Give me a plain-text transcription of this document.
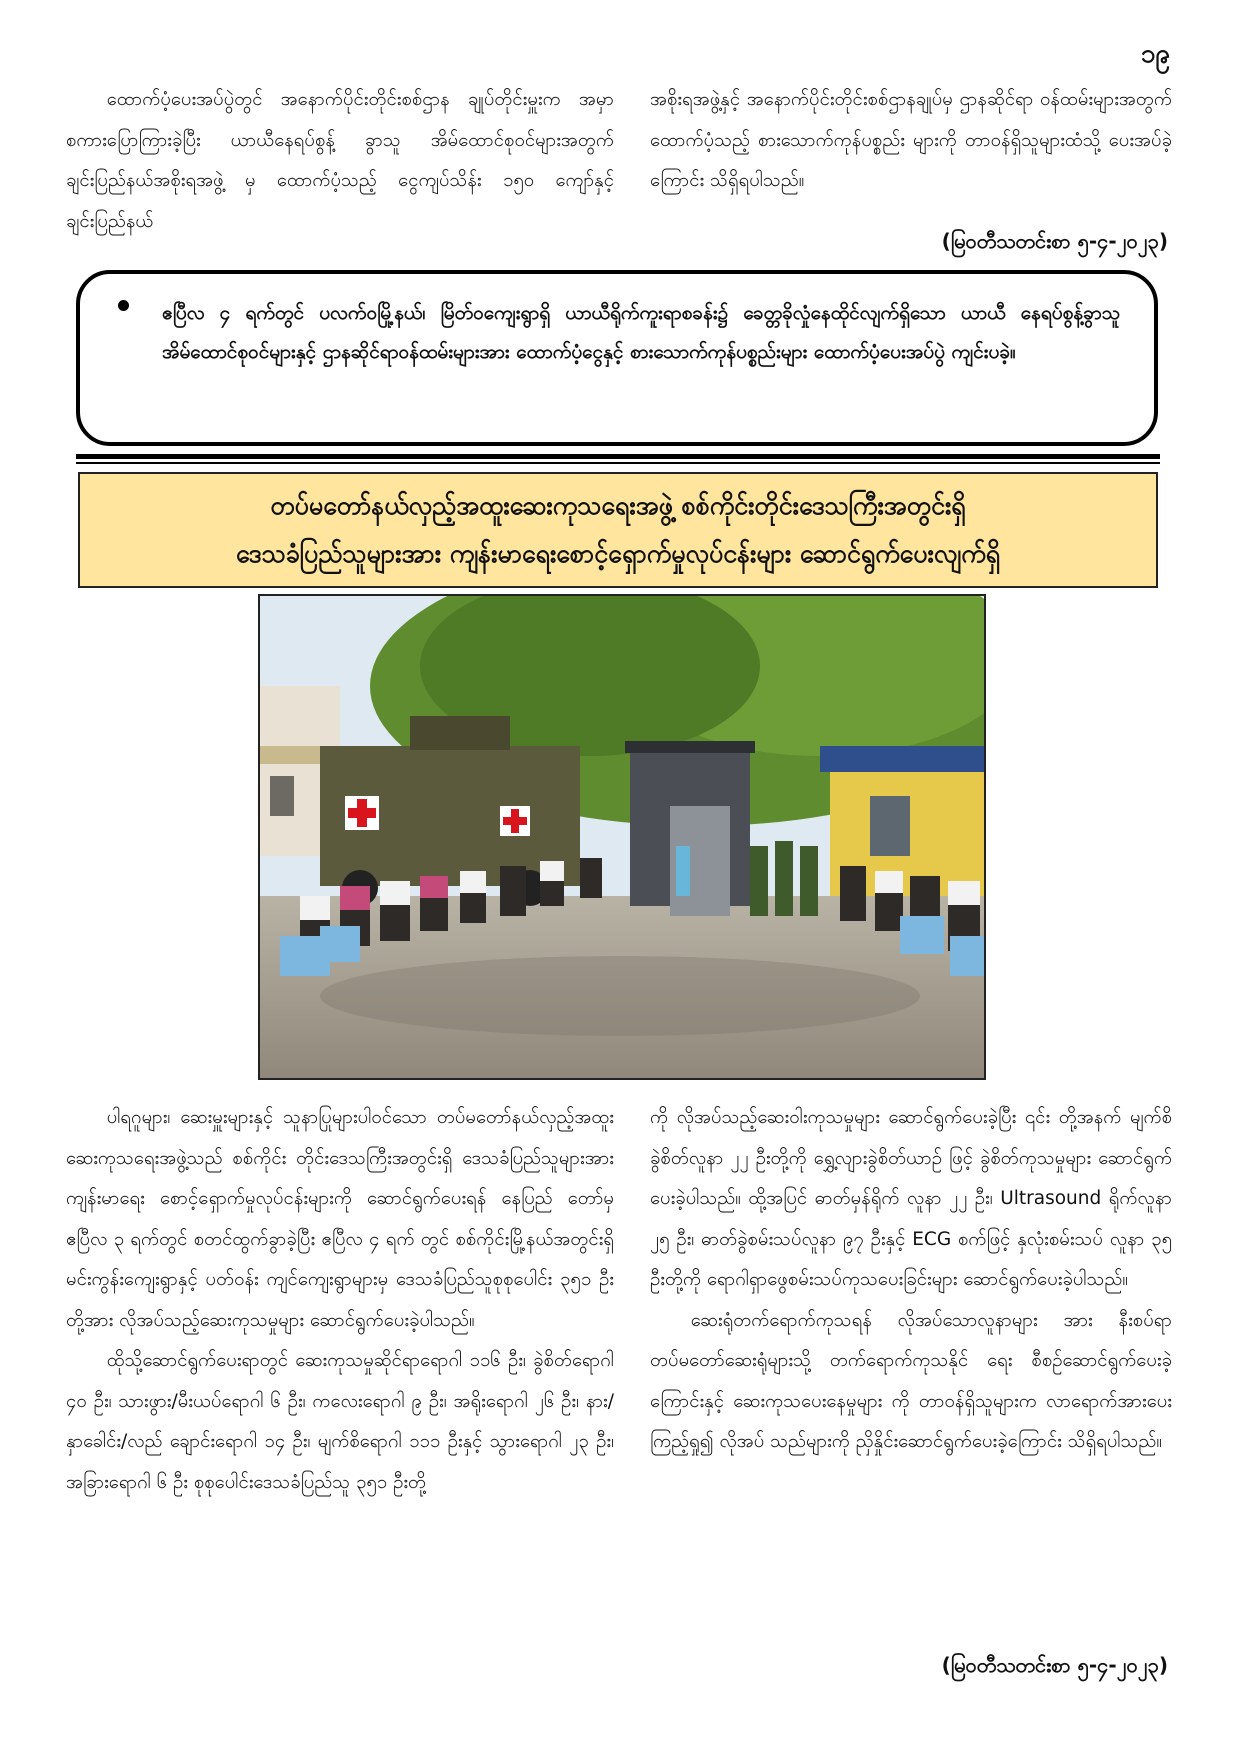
၁၉

ထောက်ပံ့ပေးအပ်ပွဲတွင် အနောက်ပိုင်းတိုင်းစစ်ဌာန ချုပ်တိုင်းမှူးက အမှာစကားပြောကြားခဲ့ပြီး ယာယီနေရပ်စွန့် ခွာသူ အိမ်ထောင်စုဝင်များအတွက် ချင်းပြည်နယ်အစိုးရအဖွဲ့ မှ ထောက်ပံ့သည့် ငွေကျပ်သိန်း ၁၅၀ ကျော်နှင့် ချင်းပြည်နယ်

အစိုးရအဖွဲ့နှင့် အနောက်ပိုင်းတိုင်းစစ်ဌာနချုပ်မှ ဌာနဆိုင်ရာ ဝန်ထမ်းများအတွက် ထောက်ပံ့သည့် စားသောက်ကုန်ပစ္စည်း များကို တာဝန်ရှိသူများထံသို့ ပေးအပ်ခဲ့ကြောင်း သိရှိရပါသည်။

(မြဝတီသတင်းစာ ၅-၄-၂၀၂၃)
ဧပြီလ ၄ ရက်တွင် ပလက်ဝမြို့နယ်၊ မြိတ်ဝကျေးရွာရှိ ယာယီရိုက်ကူးရာစခန်း၌ ခေတ္တခိုလှုံနေထိုင်လျက်ရှိသော ယာယီ နေရပ်စွန့်ခွာသူ အိမ်ထောင်စုဝင်များနှင့် ဌာနဆိုင်ရာဝန်ထမ်းများအား ထောက်ပံ့ငွေနှင့် စားသောက်ကုန်ပစ္စည်းများ ထောက်ပံ့ပေးအပ်ပွဲ ကျင်းပခဲ့။
တပ်မတော်နယ်လှည့်အထူးဆေးကုသရေးအဖွဲ့ စစ်ကိုင်းတိုင်းဒေသကြီးအတွင်းရှိ
ဒေသခံပြည်သူများအား ကျန်းမာရေးစောင့်ရှောက်မှုလုပ်ငန်းများ ဆောင်ရွက်ပေးလျက်ရှိ

ပါရဂူများ၊ ဆေးမှူးများနှင့် သူနာပြုများပါဝင်သော တပ်မတော်နယ်လှည့်အထူးဆေးကုသရေးအဖွဲ့သည် စစ်ကိုင်း တိုင်းဒေသကြီးအတွင်းရှိ ဒေသခံပြည်သူများအား ကျန်းမာရေး စောင့်ရှောက်မှုလုပ်ငန်းများကို ဆောင်ရွက်ပေးရန် နေပြည် တော်မှ ဧပြီလ ၃ ရက်တွင် စတင်ထွက်ခွာခဲ့ပြီး ဧပြီလ ၄ ရက် တွင် စစ်ကိုင်းမြို့နယ်အတွင်းရှိ မင်းကွန်းကျေးရွာနှင့် ပတ်ဝန်း ကျင်ကျေးရွာများမှ ဒေသခံပြည်သူစုစုပေါင်း ၃၅၁ ဦးတို့အား လိုအပ်သည့်ဆေးကုသမှုများ ဆောင်ရွက်ပေးခဲ့ပါသည်။

ထိုသို့ဆောင်ရွက်ပေးရာတွင် ဆေးကုသမှုဆိုင်ရာရောဂါ ၁၁၆ ဦး၊ ခွဲစိတ်ရောဂါ ၄၀ ဦး၊ သားဖွား/မီးယပ်ရောဂါ ၆ ဦး၊ ကလေးရောဂါ ၉ ဦး၊ အရိုးရောဂါ ၂၆ ဦး၊ နား/နှာခေါင်း/လည် ချောင်းရောဂါ ၁၄ ဦး၊ မျက်စိရောဂါ ၁၁၁ ဦးနှင့် သွားရောဂါ ၂၃ ဦး၊ အခြားရောဂါ ၆ ဦး စုစုပေါင်းဒေသခံပြည်သူ ၃၅၁ ဦးတို့

ကို လိုအပ်သည့်ဆေးဝါးကုသမှုများ ဆောင်ရွက်ပေးခဲ့ပြီး ၎င်း တို့အနက် မျက်စိခွဲစိတ်လူနာ ၂၂ ဦးတို့ကို ရွှေ့လျားခွဲစိတ်ယာဉ် ဖြင့် ခွဲစိတ်ကုသမှုများ ဆောင်ရွက်ပေးခဲ့ပါသည်။ ထို့အပြင် ဓာတ်မှန်ရိုက် လူနာ ၂၂ ဦး၊ Ultrasound ရိုက်လူနာ ၂၅ ဦး၊ ဓာတ်ခွဲစမ်းသပ်လူနာ ၉၇ ဦးနှင့် ECG စက်ဖြင့် နှလုံးစမ်းသပ် လူနာ ၃၅ ဦးတို့ကို ရောဂါရှာဖွေစမ်းသပ်ကုသပေးခြင်းများ ဆောင်ရွက်ပေးခဲ့ပါသည်။

ဆေးရုံတက်ရောက်ကုသရန် လိုအပ်သောလူနာများ အား နီးစပ်ရာတပ်မတော်ဆေးရုံများသို့ တက်ရောက်ကုသနိုင် ရေး စီစဉ်ဆောင်ရွက်ပေးခဲ့ကြောင်းနှင့် ဆေးကုသပေးနေမှုများ ကို တာဝန်ရှိသူများက လာရောက်အားပေးကြည့်ရှု၍ လိုအပ် သည်များကို ညှိနှိုင်းဆောင်ရွက်ပေးခဲ့ကြောင်း သိရှိရပါသည်။

(မြဝတီသတင်းစာ ၅-၄-၂၀၂၃)
